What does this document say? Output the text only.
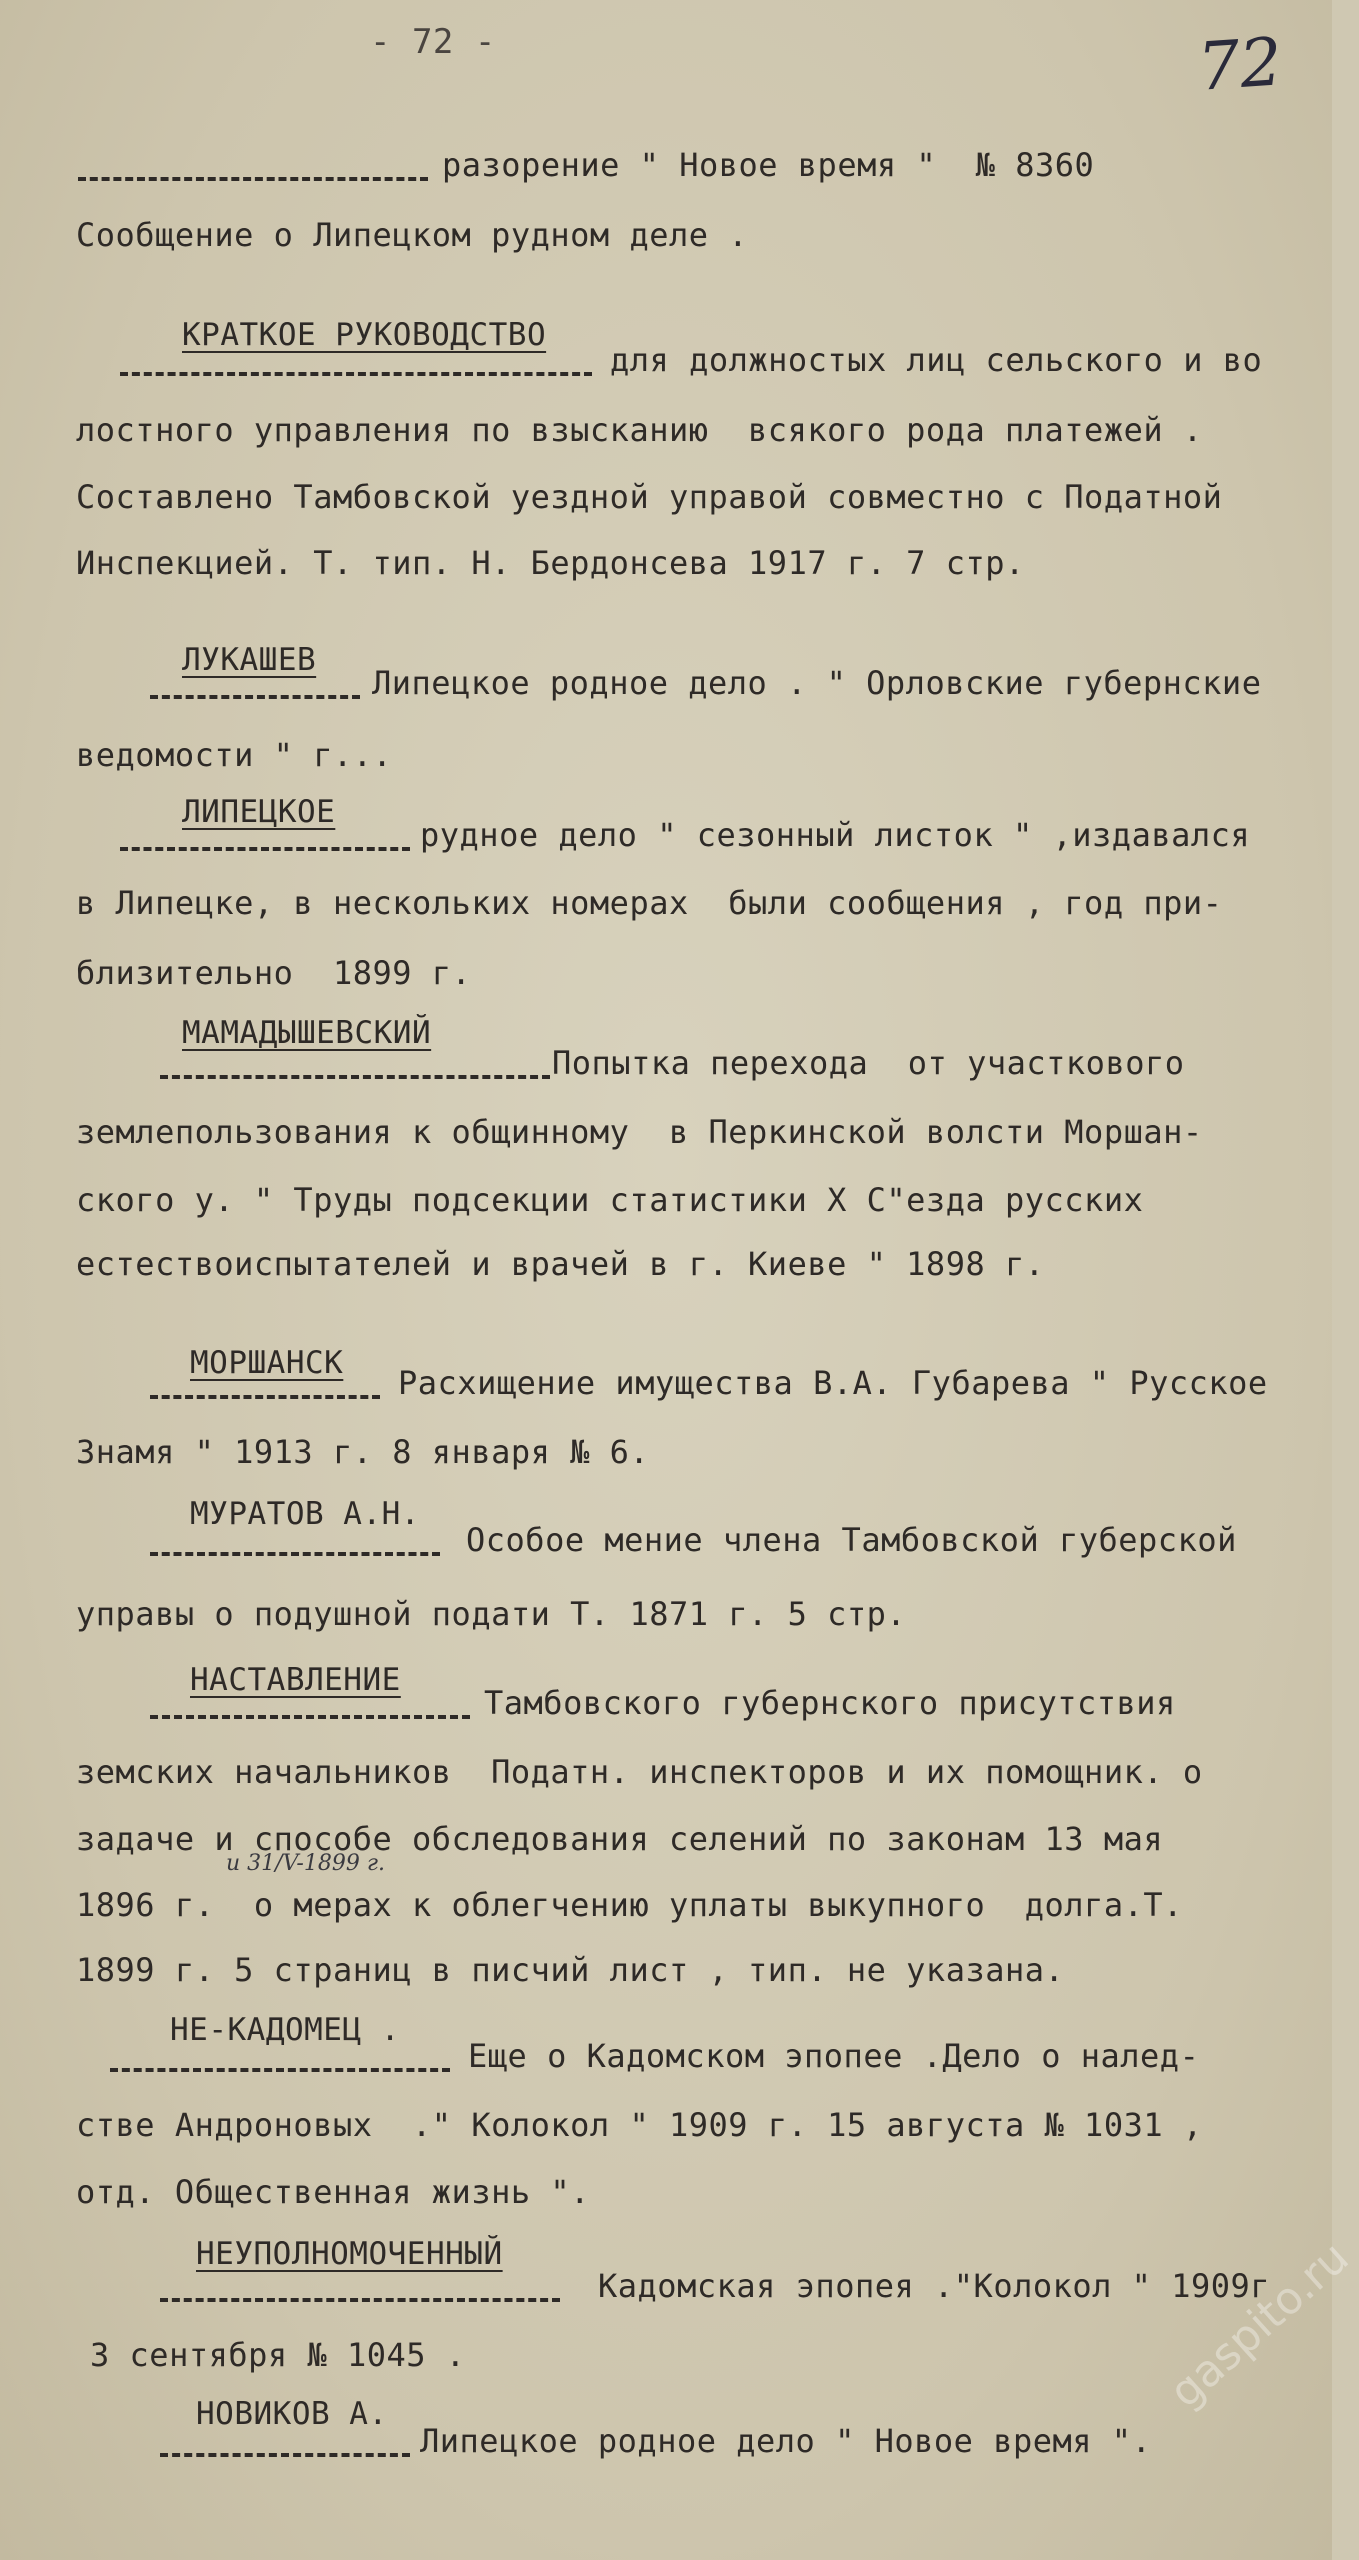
- 72 -	72
разорение " Новое время "  № 8360
Сообщение о Липецком рудном деле .
КРАТКОЕ РУКОВОДСТВО
для должностых лиц сельского и во
лостного управления по взысканию  всякого рода платежей .
Составлено Тамбовской уездной управой совместно с Податной
Инспекцией. Т. тип. Н. Бердонсева 1917 г. 7 стр.
ЛУКАШЕВ
Липецкое родное дело . " Орловские губернские
ведомости " г...
ЛИПЕЦКОЕ
рудное дело " сезонный листок " ,издавался
в Липецке, в нескольких номерах  были сообщения , год при-
близительно  1899 г.
МАМАДЫШЕВСКИЙ
Попытка перехода  от участкового
землепользования к общинному  в Перкинской волсти Моршан-
ского у. " Труды подсекции статистики X С"езда русских
естествоиспытателей и врачей в г. Киеве " 1898 г.
МОРШАНСК
Расхищение имущества В.А. Губарева " Русское
Знамя " 1913 г. 8 января № 6.
МУРАТОВ А.Н.
Особое мение члена Тамбовской губерской
управы о подушной подати Т. 1871 г. 5 стр.
НАСТАВЛЕНИЕ
Тамбовского губернского присутствия
земских начальников  Податн. инспекторов и их помощник. о
задаче и способе обследования селений по законам 13 мая
и 31/V-1899 г.
1896 г.  о мерах к облегчению уплаты выкупного  долга.Т.
1899 г. 5 страниц в писчий лист , тип. не указана.
НЕ-КАДОМЕЦ .
Еще о Кадомском эпопее .Дело о налед-
стве Андроновых  ." Колокол " 1909 г. 15 августа № 1031 ,
отд. Общественная жизнь ".
НЕУПОЛНОМОЧЕННЫЙ
Кадомская эпопея ."Колокол " 1909г
3 сентября № 1045 .
НОВИКОВ А.
Липецкое родное дело " Новое время ".
gaspito.ru
